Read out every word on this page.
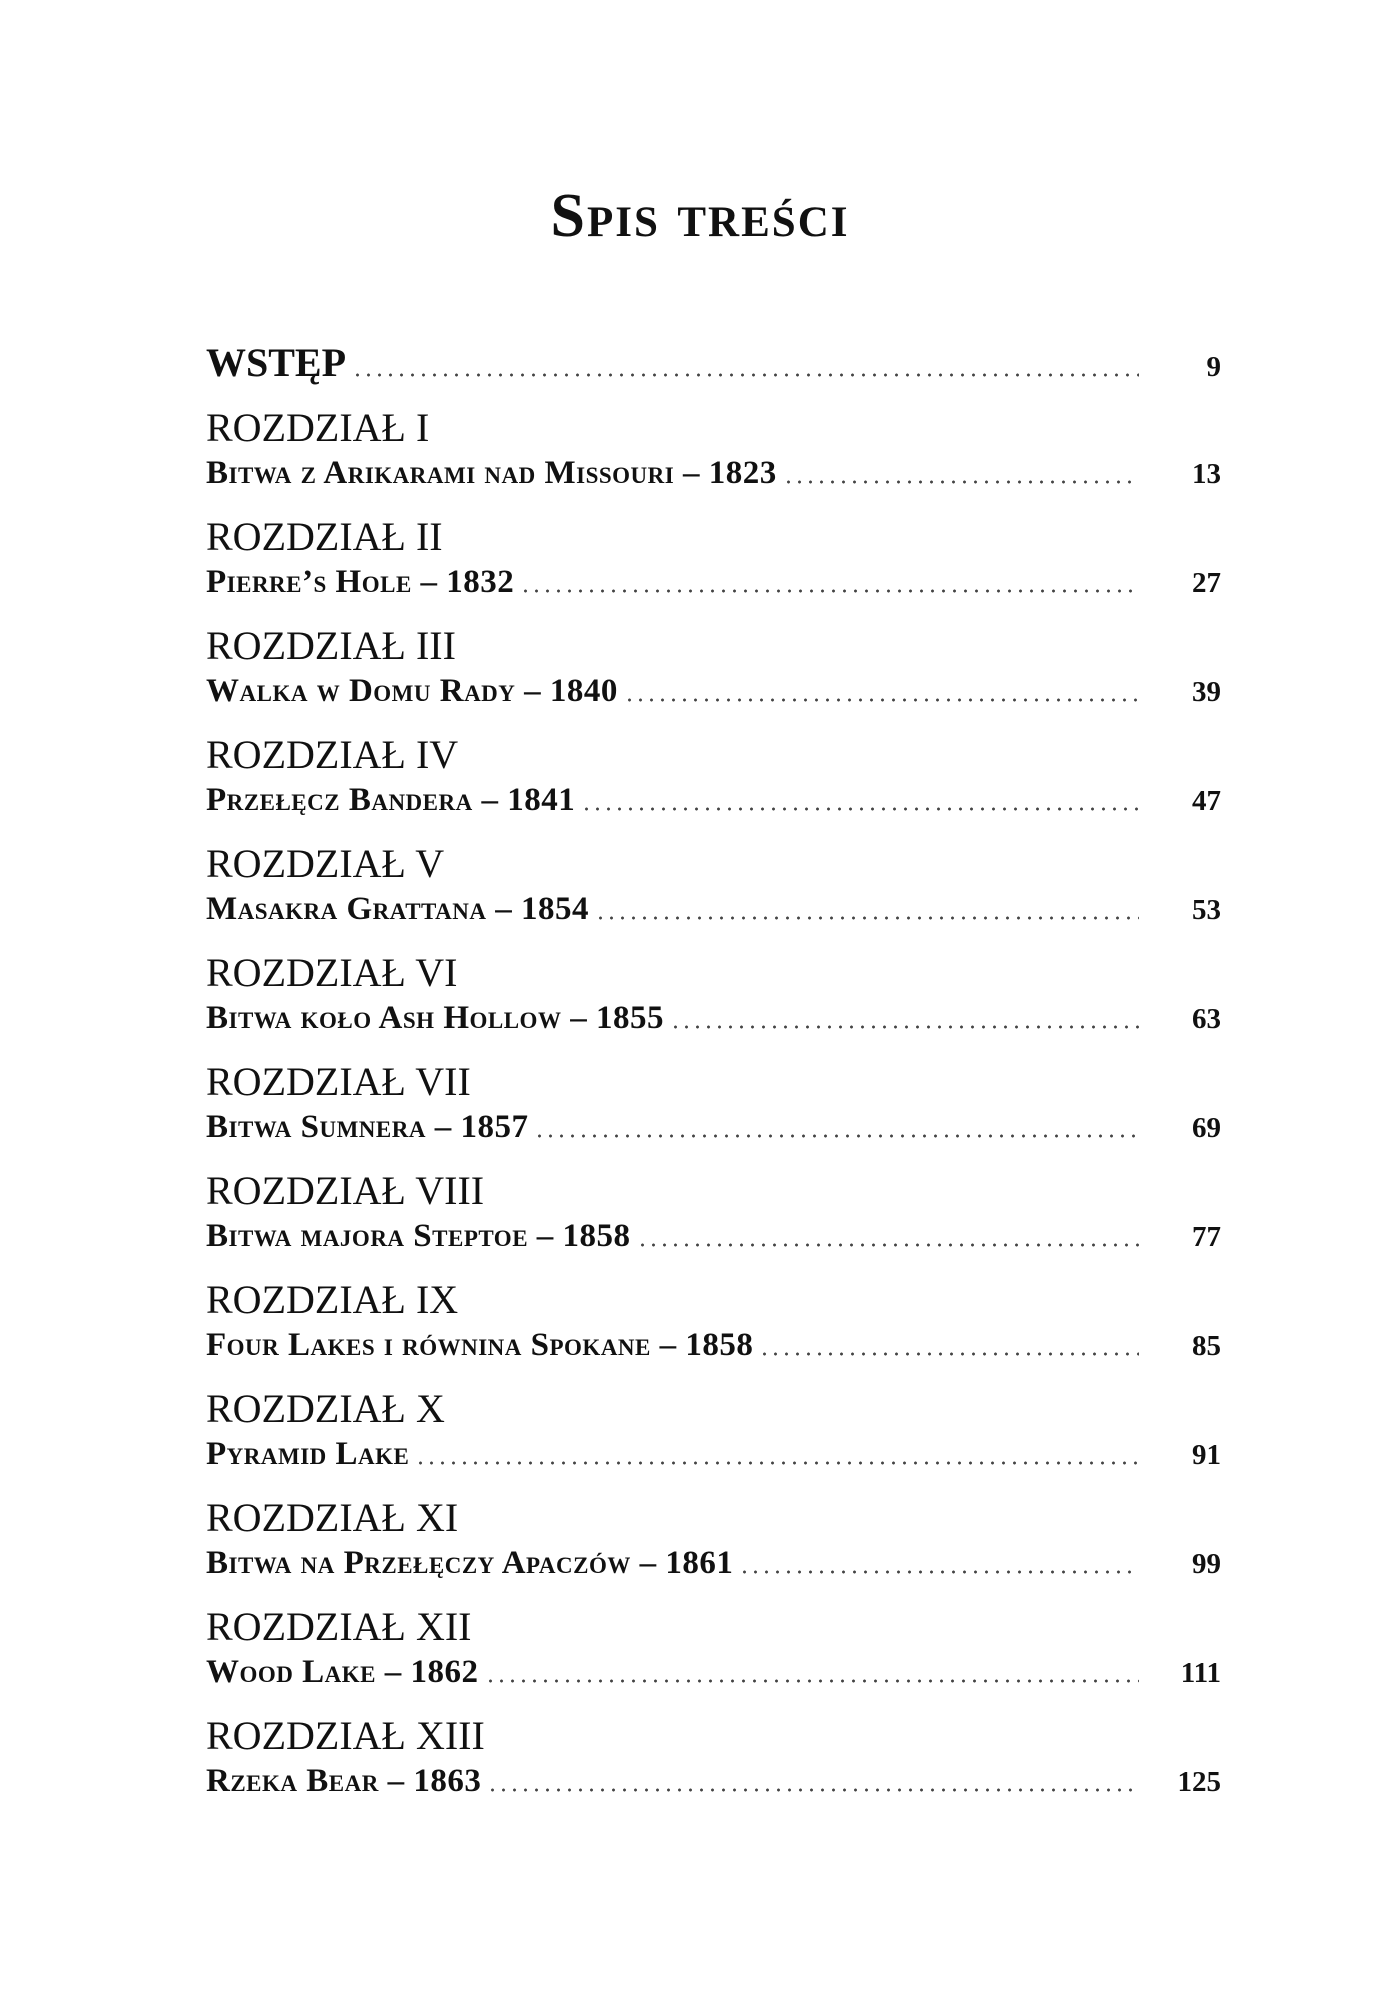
Spis treści
WSTĘP	9
ROZDZIAŁ I
Bitwa z Arikarami nad Missouri – 1823	13
ROZDZIAŁ II
Pierre’s Hole – 1832	27
ROZDZIAŁ III
Walka w Domu Rady – 1840	39
ROZDZIAŁ IV
Przełęcz Bandera – 1841	47
ROZDZIAŁ V
Masakra Grattana – 1854	53
ROZDZIAŁ VI
Bitwa koło Ash Hollow – 1855	63
ROZDZIAŁ VII
Bitwa Sumnera – 1857	69
ROZDZIAŁ VIII
Bitwa majora Steptoe – 1858	77
ROZDZIAŁ IX
Four Lakes i równina Spokane – 1858	85
ROZDZIAŁ X
Pyramid Lake	91
ROZDZIAŁ XI
Bitwa na Przełęczy Apaczów – 1861	99
ROZDZIAŁ XII
Wood Lake – 1862	111
ROZDZIAŁ XIII
Rzeka Bear – 1863	125
